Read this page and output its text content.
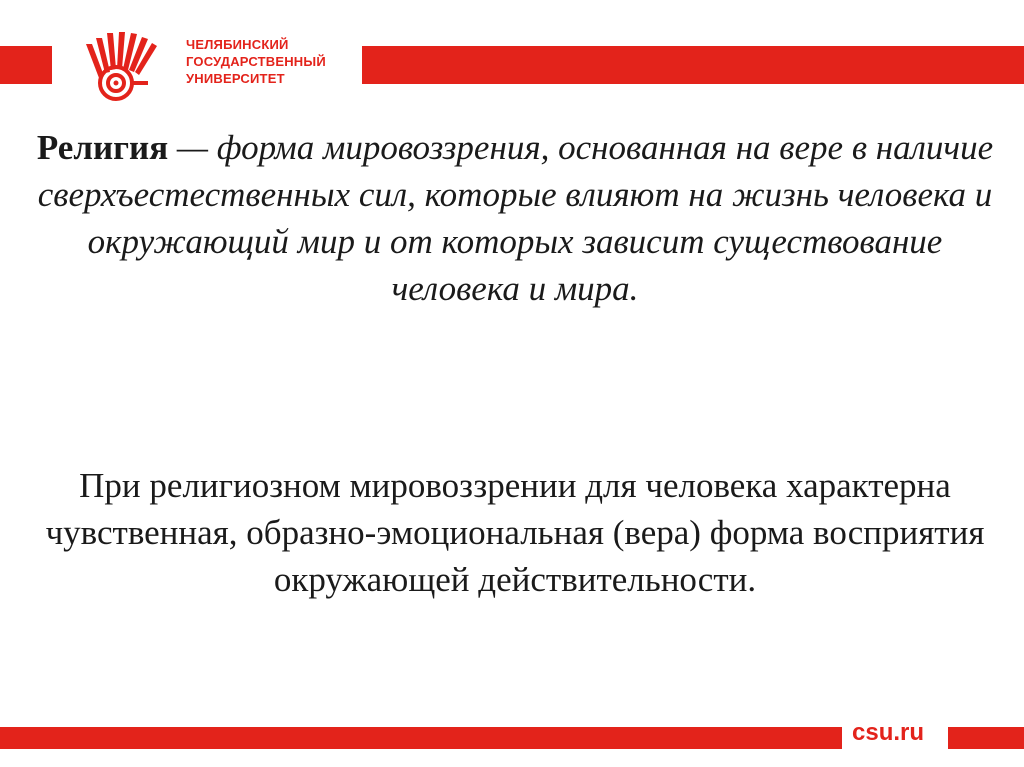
ЧЕЛЯБИНСКИЙ
ГОСУДАРСТВЕННЫЙ
УНИВЕРСИТЕТ
Религия — форма мировоззрения, основанная на вере в наличие сверхъестественных сил, которые влияют на жизнь человека и окружающий мир и от которых зависит существование человека и мира.
При религиозном мировоззрении для человека характерна чувственная, образно-эмоциональная (вера) форма восприятия окружающей действительности.
csu.ru
